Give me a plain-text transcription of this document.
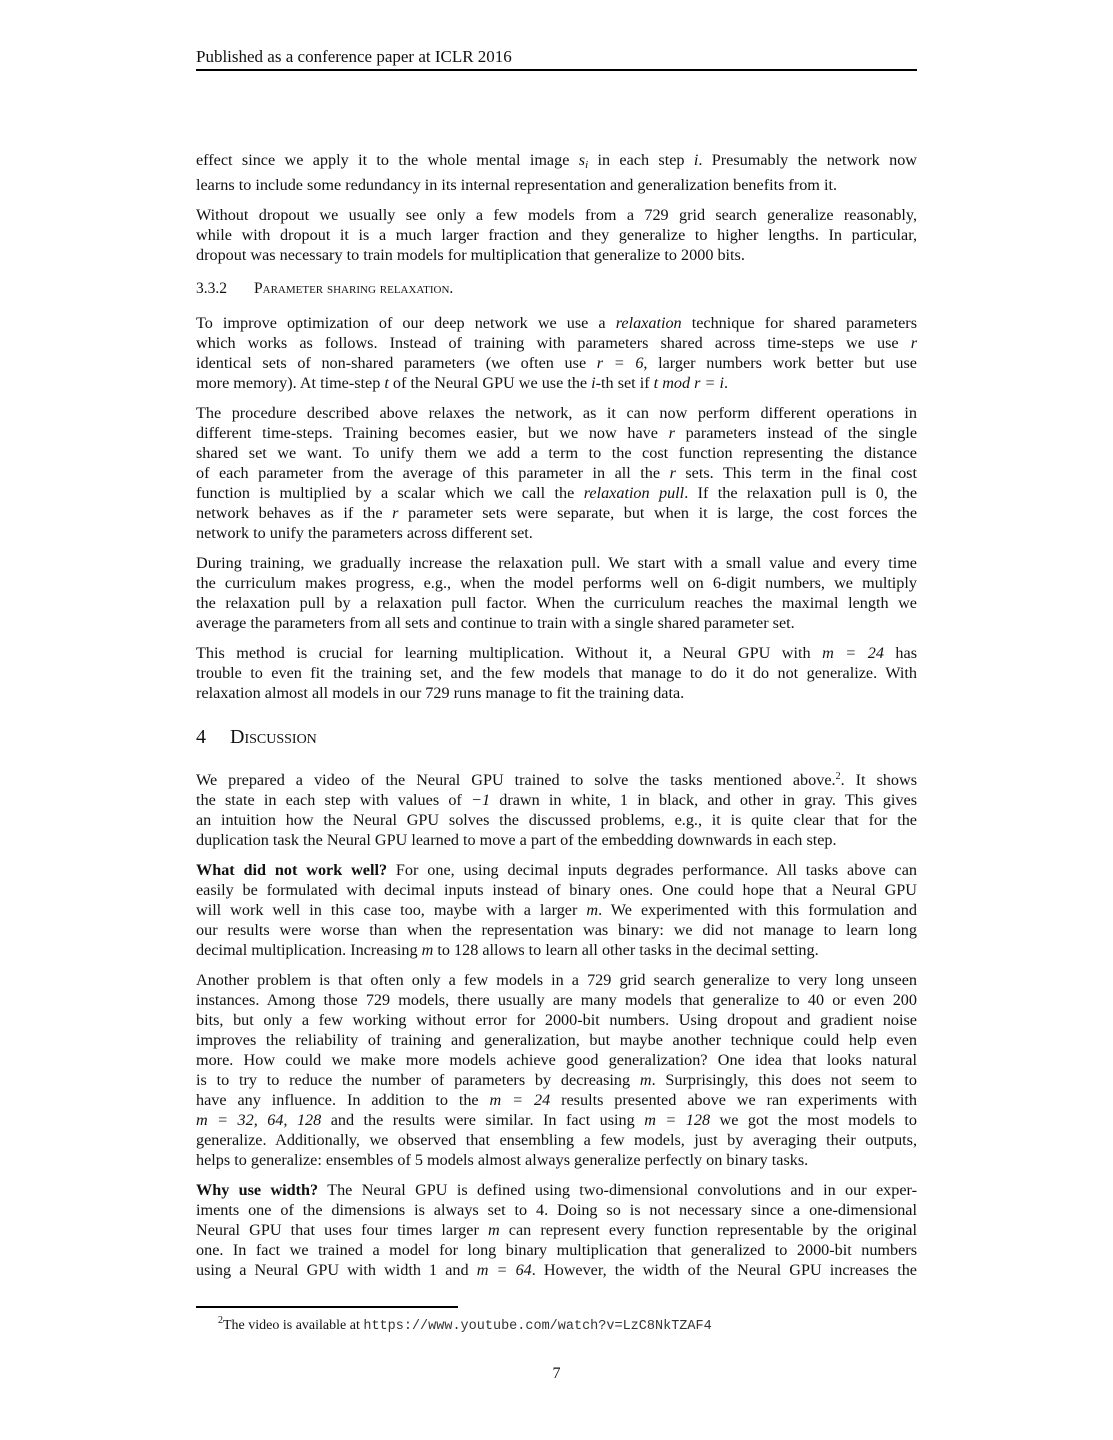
Published as a conference paper at ICLR 2016

effect since we apply it to the whole mental image $s_i$ in each step i. Presumably the network now
learns to include some redundancy in its internal representation and generalization benefits from it.

Without dropout we usually see only a few models from a 729 grid search generalize reasonably,
while with dropout it is a much larger fraction and they generalize to higher lengths. In particular,
dropout was necessary to train models for multiplication that generalize to 2000 bits.

3.3.2 Parameter sharing relaxation.

To improve optimization of our deep network we use a relaxation technique for shared parameters
which works as follows. Instead of training with parameters shared across time-steps we use r
identical sets of non-shared parameters (we often use r = 6, larger numbers work better but use
more memory). At time-step t of the Neural GPU we use the i-th set if t mod r = i.

The procedure described above relaxes the network, as it can now perform different operations in
different time-steps. Training becomes easier, but we now have r parameters instead of the single
shared set we want. To unify them we add a term to the cost function representing the distance
of each parameter from the average of this parameter in all the r sets. This term in the final cost
function is multiplied by a scalar which we call the relaxation pull. If the relaxation pull is 0, the
network behaves as if the r parameter sets were separate, but when it is large, the cost forces the
network to unify the parameters across different set.

During training, we gradually increase the relaxation pull. We start with a small value and every time
the curriculum makes progress, e.g., when the model performs well on 6-digit numbers, we multiply
the relaxation pull by a relaxation pull factor. When the curriculum reaches the maximal length we
average the parameters from all sets and continue to train with a single shared parameter set.

This method is crucial for learning multiplication. Without it, a Neural GPU with m = 24 has
trouble to even fit the training set, and the few models that manage to do it do not generalize. With
relaxation almost all models in our 729 runs manage to fit the training data.

4 Discussion

We prepared a video of the Neural GPU trained to solve the tasks mentioned above.$^2$. It shows
the state in each step with values of −1 drawn in white, 1 in black, and other in gray. This gives
an intuition how the Neural GPU solves the discussed problems, e.g., it is quite clear that for the
duplication task the Neural GPU learned to move a part of the embedding downwards in each step.

What did not work well? For one, using decimal inputs degrades performance. All tasks above can
easily be formulated with decimal inputs instead of binary ones. One could hope that a Neural GPU
will work well in this case too, maybe with a larger m. We experimented with this formulation and
our results were worse than when the representation was binary: we did not manage to learn long
decimal multiplication. Increasing m to 128 allows to learn all other tasks in the decimal setting.

Another problem is that often only a few models in a 729 grid search generalize to very long unseen
instances. Among those 729 models, there usually are many models that generalize to 40 or even 200
bits, but only a few working without error for 2000-bit numbers. Using dropout and gradient noise
improves the reliability of training and generalization, but maybe another technique could help even
more. How could we make more models achieve good generalization? One idea that looks natural
is to try to reduce the number of parameters by decreasing m. Surprisingly, this does not seem to
have any influence. In addition to the m = 24 results presented above we ran experiments with
m = 32, 64, 128 and the results were similar. In fact using m = 128 we got the most models to
generalize. Additionally, we observed that ensembling a few models, just by averaging their outputs,
helps to generalize: ensembles of 5 models almost always generalize perfectly on binary tasks.

Why use width? The Neural GPU is defined using two-dimensional convolutions and in our exper-
iments one of the dimensions is always set to 4. Doing so is not necessary since a one-dimensional
Neural GPU that uses four times larger m can represent every function representable by the original
one. In fact we trained a model for long binary multiplication that generalized to 2000-bit numbers
using a Neural GPU with width 1 and m = 64. However, the width of the Neural GPU increases the

$^2$The video is available at https://www.youtube.com/watch?v=LzC8NkTZAF4
7
